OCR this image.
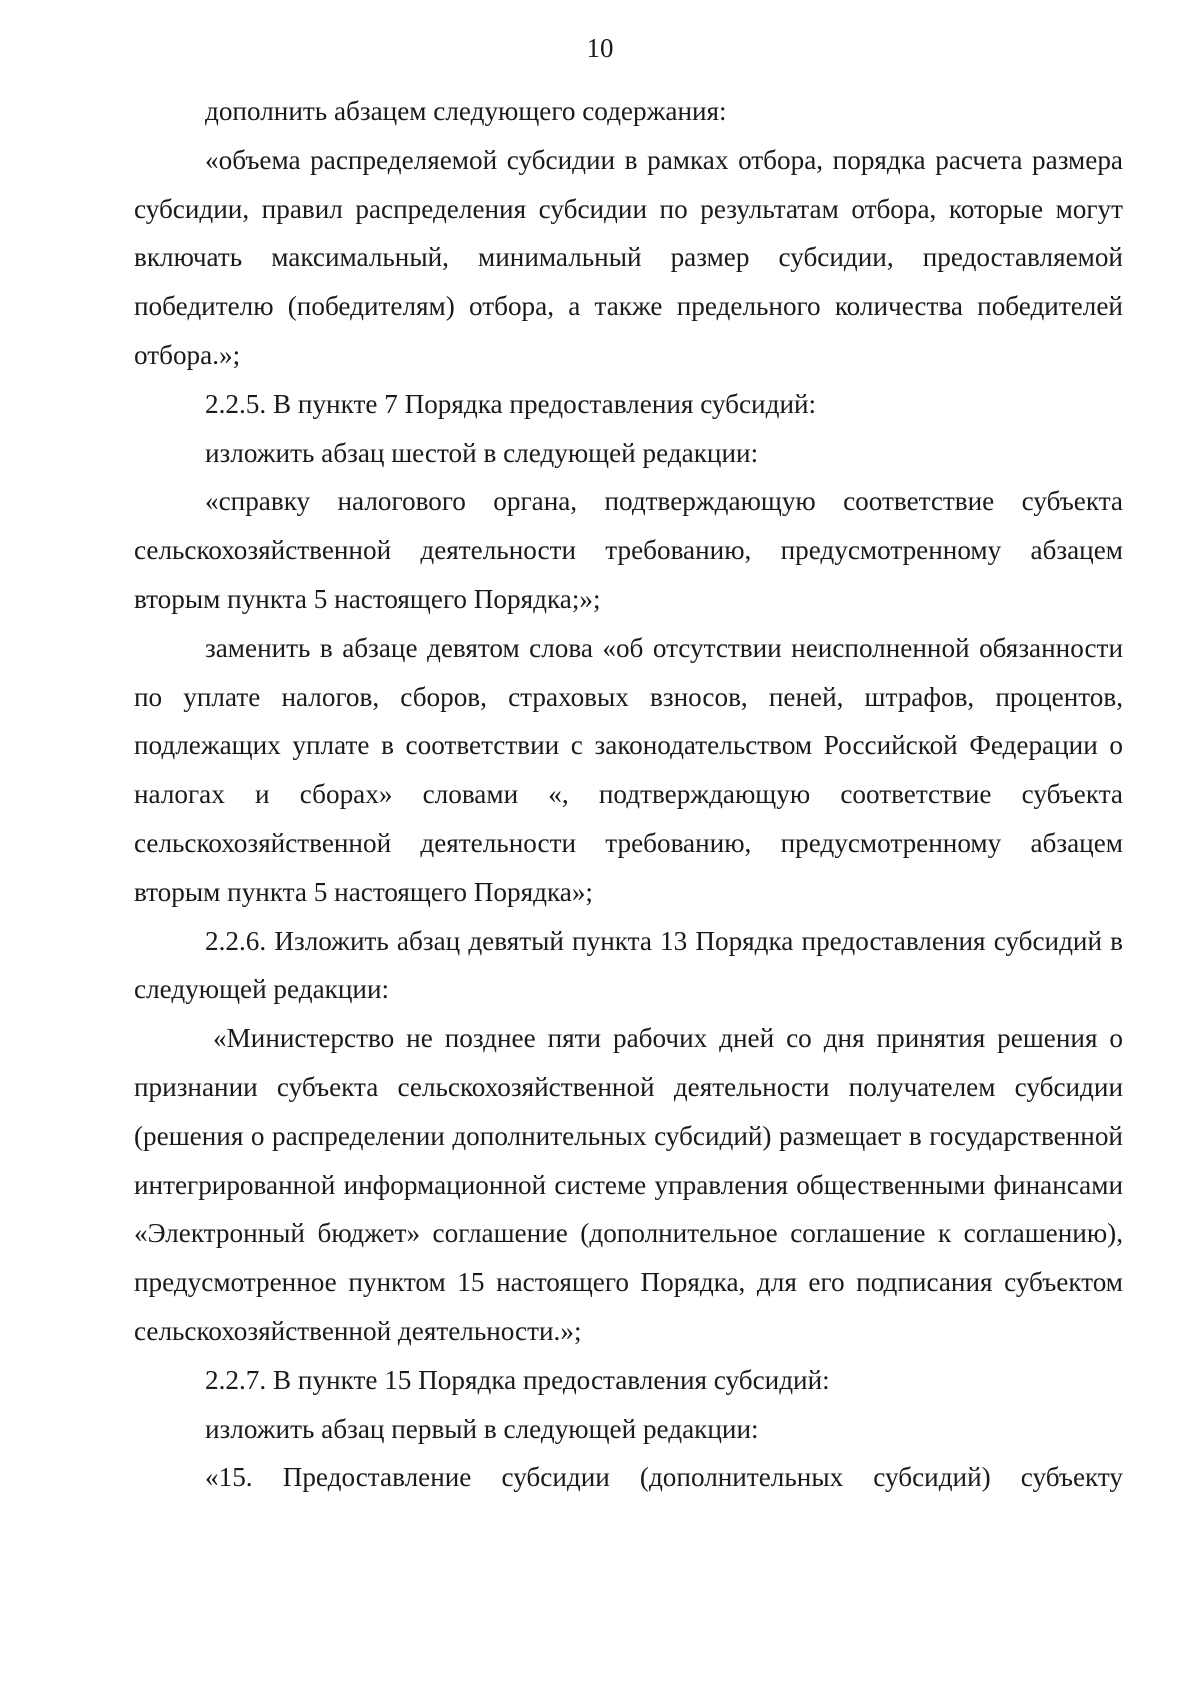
10

дополнить абзацем следующего содержания:

«объема распределяемой субсидии в рамках отбора, порядка расчета размера субсидии, правил распределения субсидии по результатам отбора, которые могут включать максимальный, минимальный размер субсидии, предоставляемой победителю (победителям) отбора, а также предельного количества победителей отбора.»;

2.2.5. В пункте 7 Порядка предоставления субсидий:

изложить абзац шестой в следующей редакции:

«справку налогового органа, подтверждающую соответствие субъекта сельскохозяйственной деятельности требованию, предусмотренному абзацем вторым пункта 5 настоящего Порядка;»;

заменить в абзаце девятом слова «об отсутствии неисполненной обязанности по уплате налогов, сборов, страховых взносов, пеней, штрафов, процентов, подлежащих уплате в соответствии с законодательством Российской Федерации о налогах и сборах» словами «, подтверждающую соответствие субъекта сельскохозяйственной деятельности требованию, предусмотренному абзацем вторым пункта 5 настоящего Порядка»;

2.2.6. Изложить абзац девятый пункта 13 Порядка предоставления субсидий в следующей редакции:

«Министерство не позднее пяти рабочих дней со дня принятия решения о признании субъекта сельскохозяйственной деятельности получателем субсидии (решения о распределении дополнительных субсидий) размещает в государственной интегрированной информационной системе управления общественными финансами «Электронный бюджет» соглашение (дополнительное соглашение к соглашению), предусмотренное пунктом 15 настоящего Порядка, для его подписания субъектом сельскохозяйственной деятельности.»;

2.2.7. В пункте 15 Порядка предоставления субсидий:

изложить абзац первый в следующей редакции:

«15. Предоставление субсидии (дополнительных субсидий) субъекту
